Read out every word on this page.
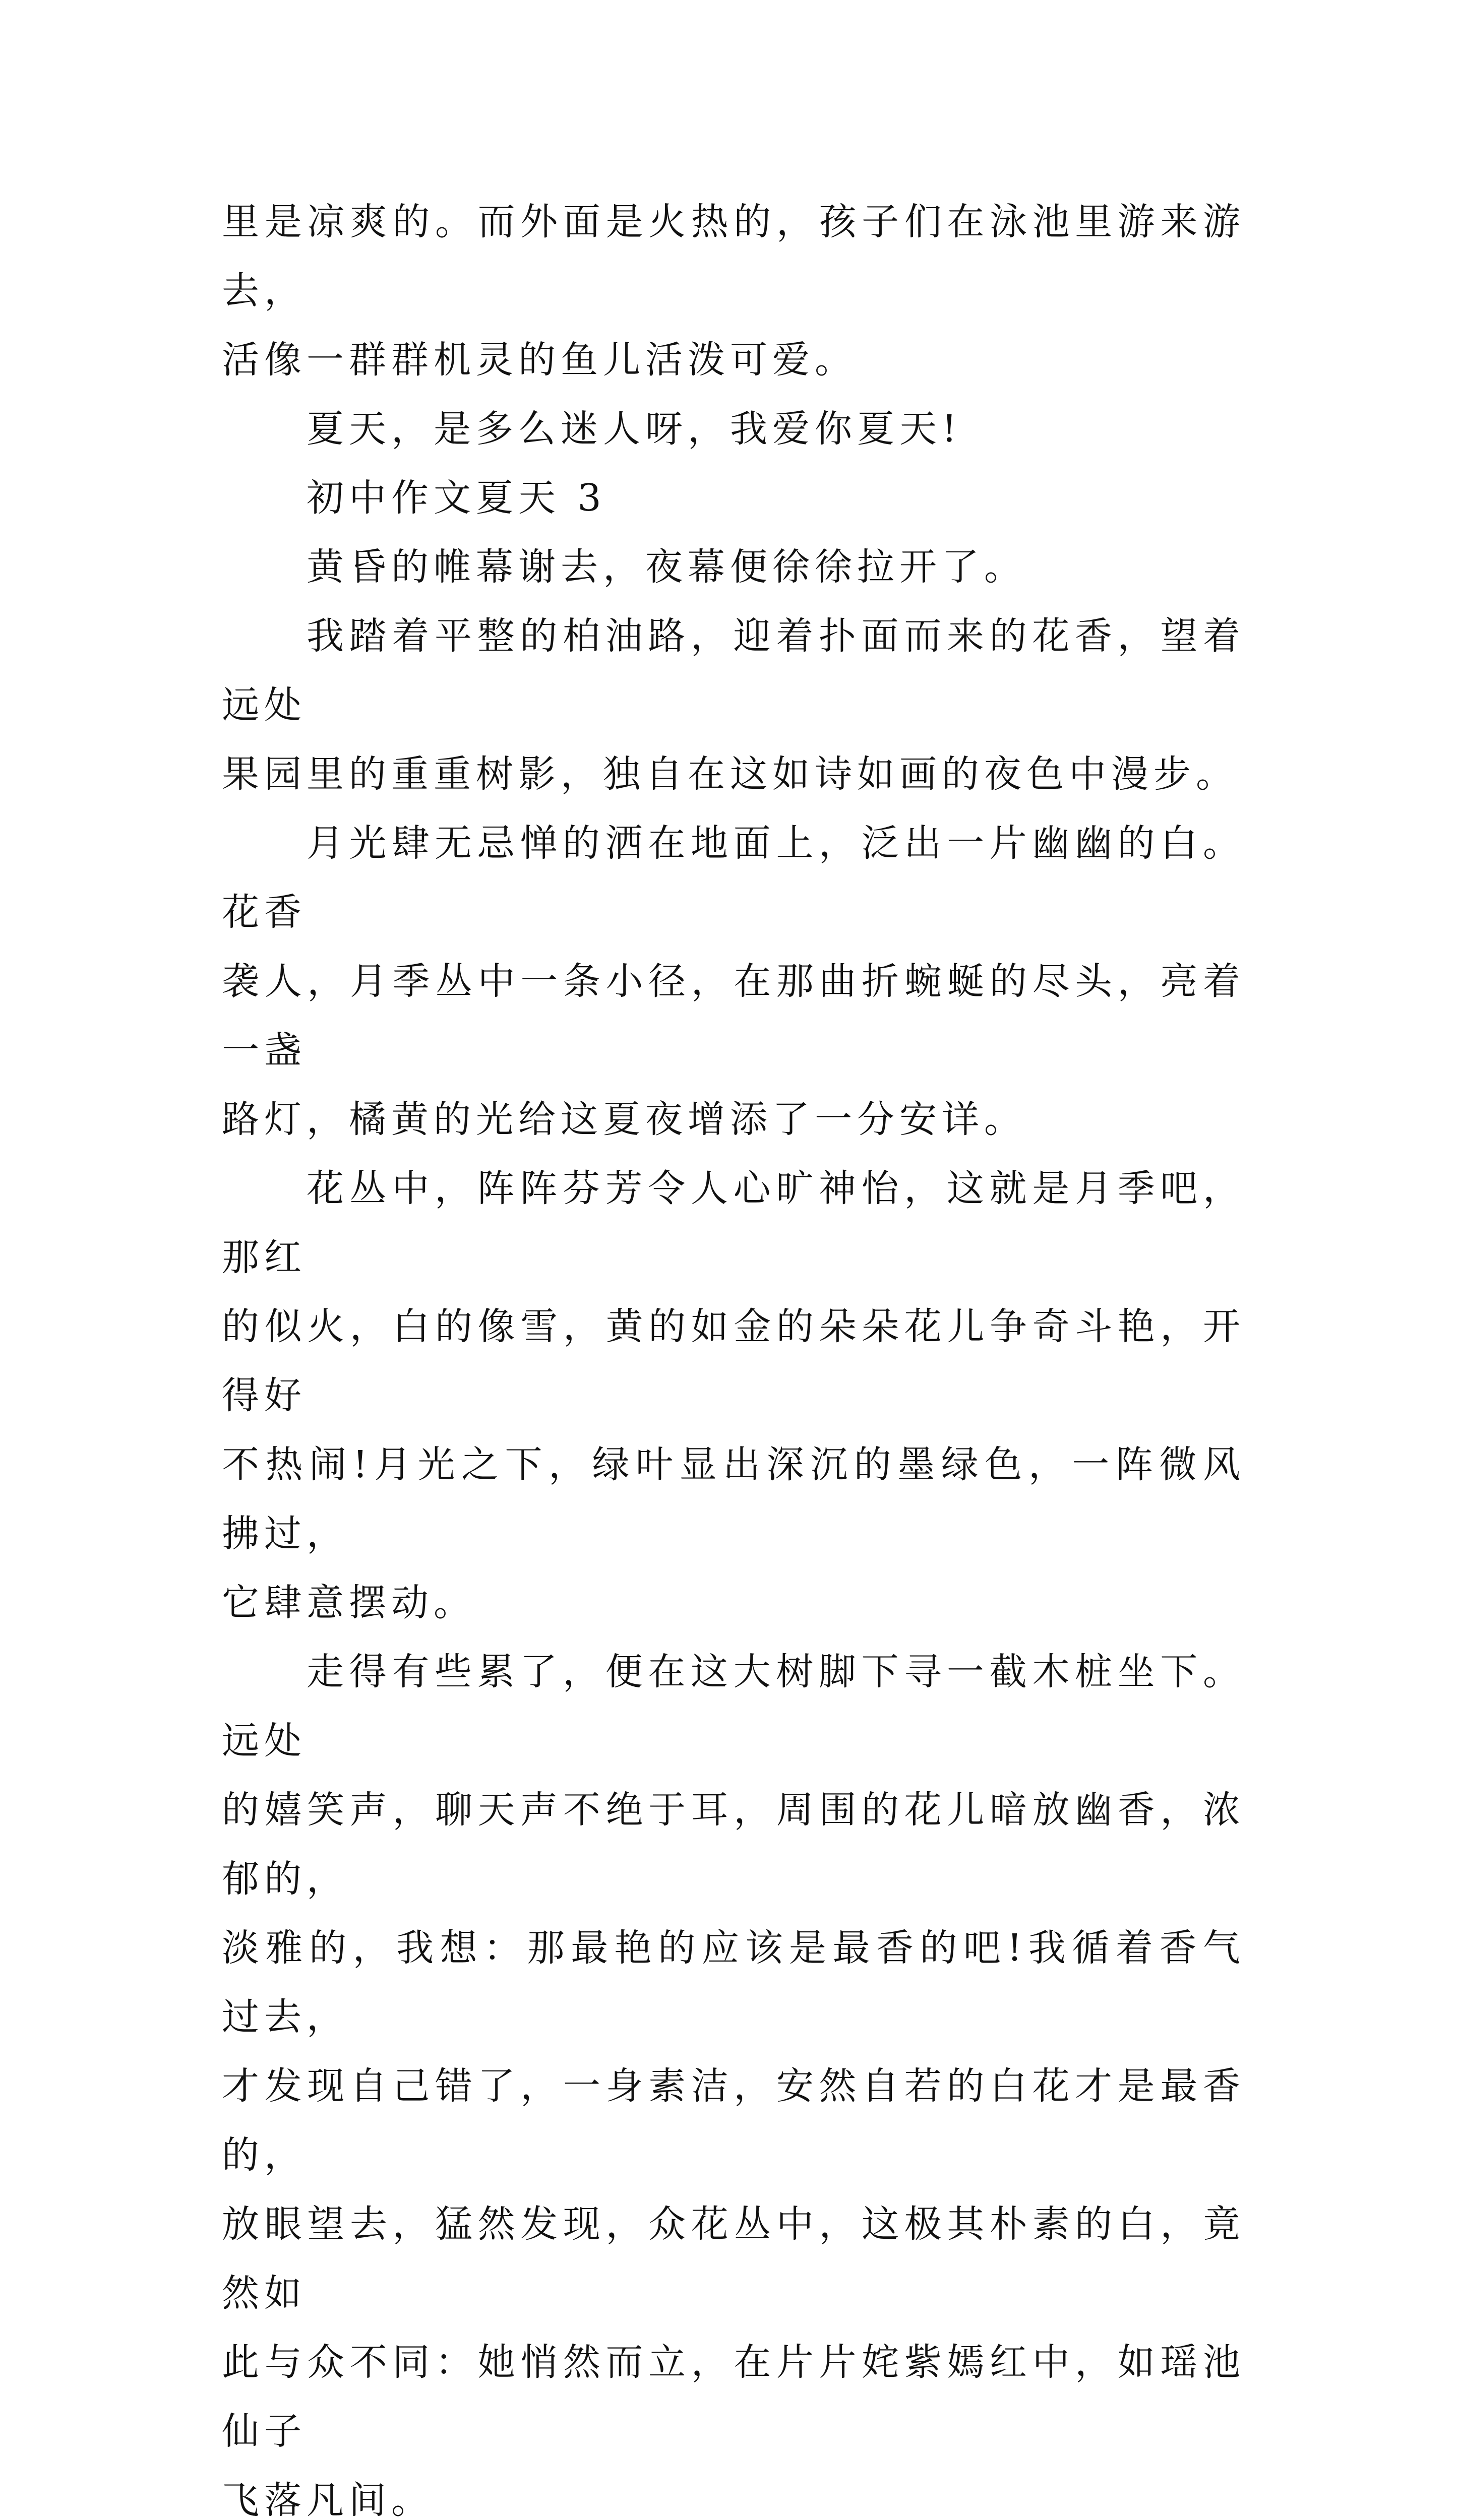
里是凉爽的。而外面是火热的，孩子们在泳池里游来游去，
活像一群群机灵的鱼儿活泼可爱。

夏天，是多么迷人呀，我爱你夏天!

初中作文夏天 3

黄昏的帷幕谢去，夜幕便徐徐拉开了。

我踏着平整的柏油路，迎着扑面而来的花香，望着远处
果园里的重重树影，独自在这如诗如画的夜色中漫步。

月光肆无忌惮的洒在地面上，泛出一片幽幽的白。花香
袭人，月季丛中一条小径，在那曲折蜿蜒的尽头，亮着一盏
路灯，橘黄的光给这夏夜增添了一分安详。

花丛中，阵阵芬芳令人心旷神怡，这就是月季吧，那红
的似火，白的像雪，黄的如金的朵朵花儿争奇斗艳，开得好
不热闹!月光之下，绿叶显出深沉的墨绿色，一阵微风拂过，
它肆意摆动。

走得有些累了，便在这大树脚下寻一截木桩坐下。远处
的嬉笑声，聊天声不绝于耳，周围的花儿暗放幽香，浓郁的，
淡雅的，我想：那最艳的应该是最香的吧!我循着香气过去，
才发现自己错了，一身素洁，安然自若的白花才是最香的，
放眼望去，猛然发现，众花丛中，这极其朴素的白，竟然如
此与众不同：她悄然而立，在片片姹紫嫣红中，如瑶池仙子
飞落凡间。
